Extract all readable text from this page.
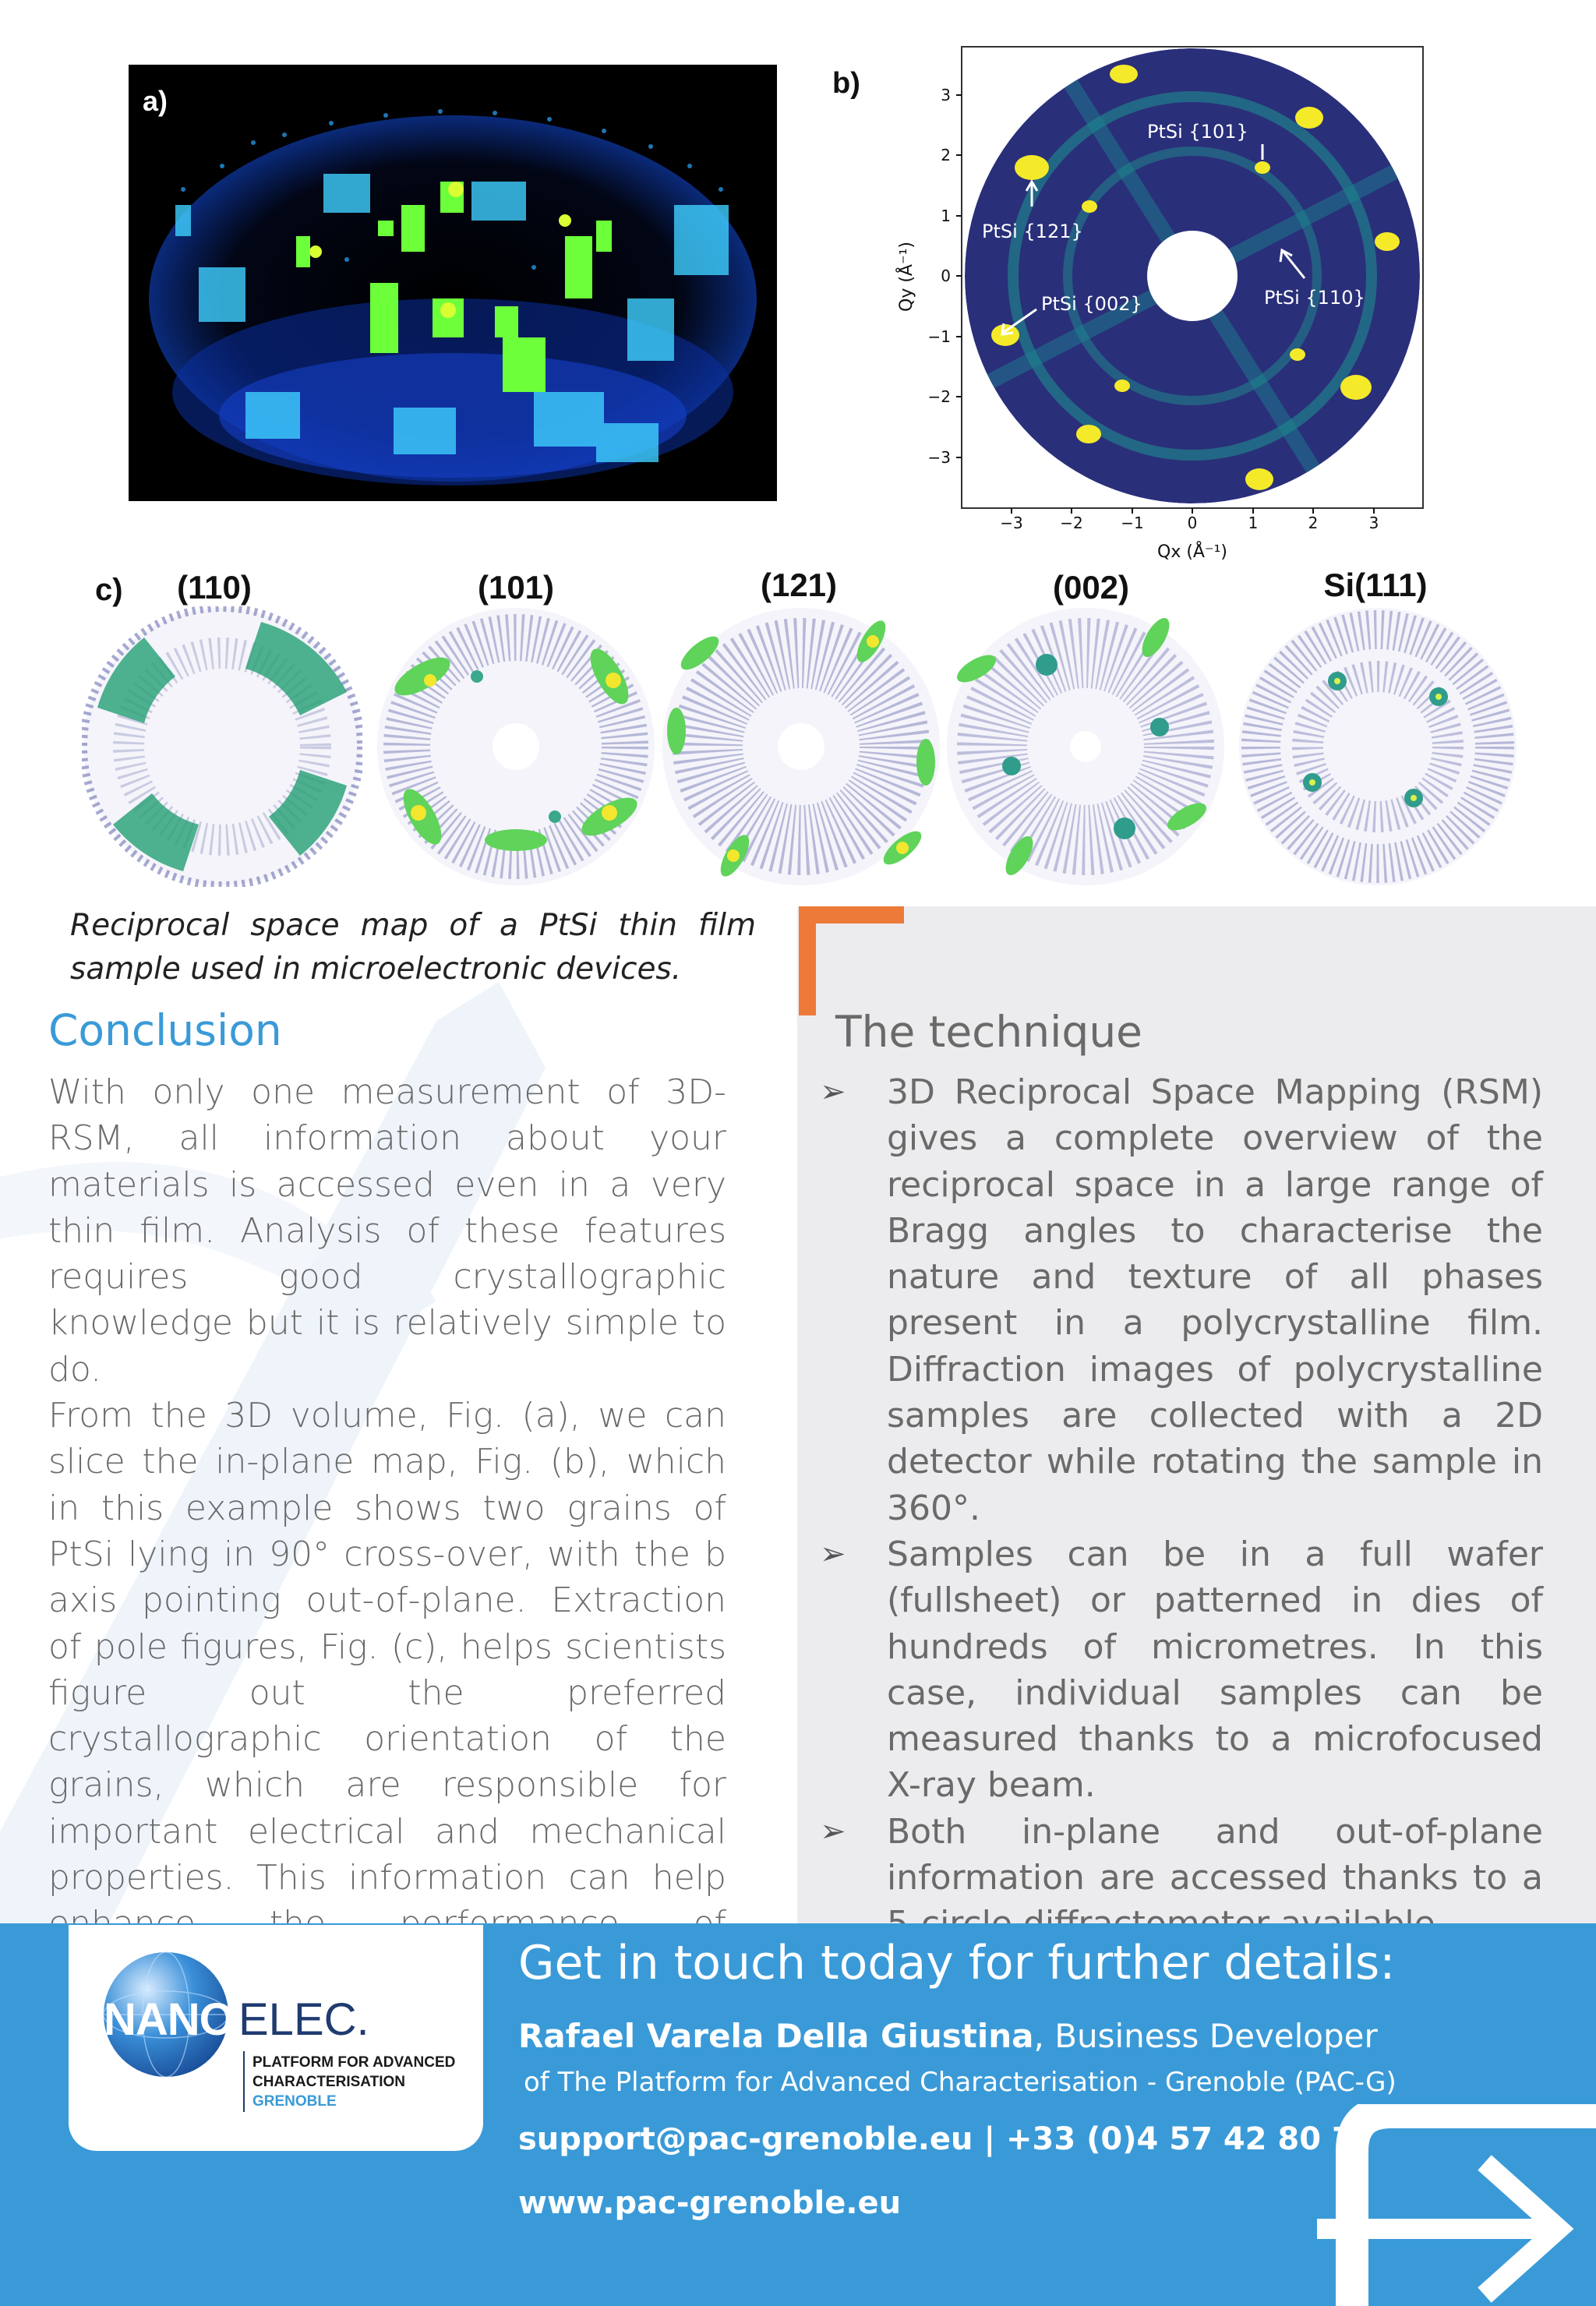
a)
b)
PtSi {101}
PtSi {121}
PtSi {002}	PtSi {110}
−3 −2 −1	0	1	2	3
3
2
1
0
−1
−2
−3
Qx (Å⁻¹)
Qy (Å⁻¹)
c)	(110)	(101)	(121)	(002)	Si(111)
Reciprocal space map of a PtSi thin film sample used in microelectronic devices.
Conclusion

With only one measurement of 3D-RSM, all information about your materials is accessed even in a very thin film. Analysis of these features requires good crystallographic knowledge but it is relatively simple to do.

From the 3D volume, Fig. (a), we can slice the in-plane map, Fig. (b), which in this example shows two grains of PtSi lying in 90° cross-over, with the b axis pointing out-of-plane. Extraction of pole figures, Fig. (c), helps scientists figure out the preferred crystallographic orientation of the grains, which are responsible for important electrical and mechanical properties. This information can help

The technique
➢	3D Reciprocal Space Mapping (RSM) gives a complete overview of the reciprocal space in a large range of Bragg angles to characterise the nature and texture of all phases present in a polycrystalline film. Diffraction images of polycrystalline samples are collected with a 2D detector while rotating the sample in 360°.
➢	Samples can be in a full wafer (fullsheet) or patterned in dies of hundreds of micrometres. In this case, individual samples can be measured thanks to a microfocused X-ray beam.
➢	Both in-plane and out-of-plane information are accessed thanks to a
NANO ELEC.
PLATFORM FOR ADVANCED
CHARACTERISATION
GRENOBLE
Get in touch today for further details:
Rafael Varela Della Giustina, Business Developer
of The Platform for Advanced Characterisation - Grenoble (PAC-G)
support@pac-grenoble.eu | +33 (0)4 57 42 80 77
www.pac-grenoble.eu
